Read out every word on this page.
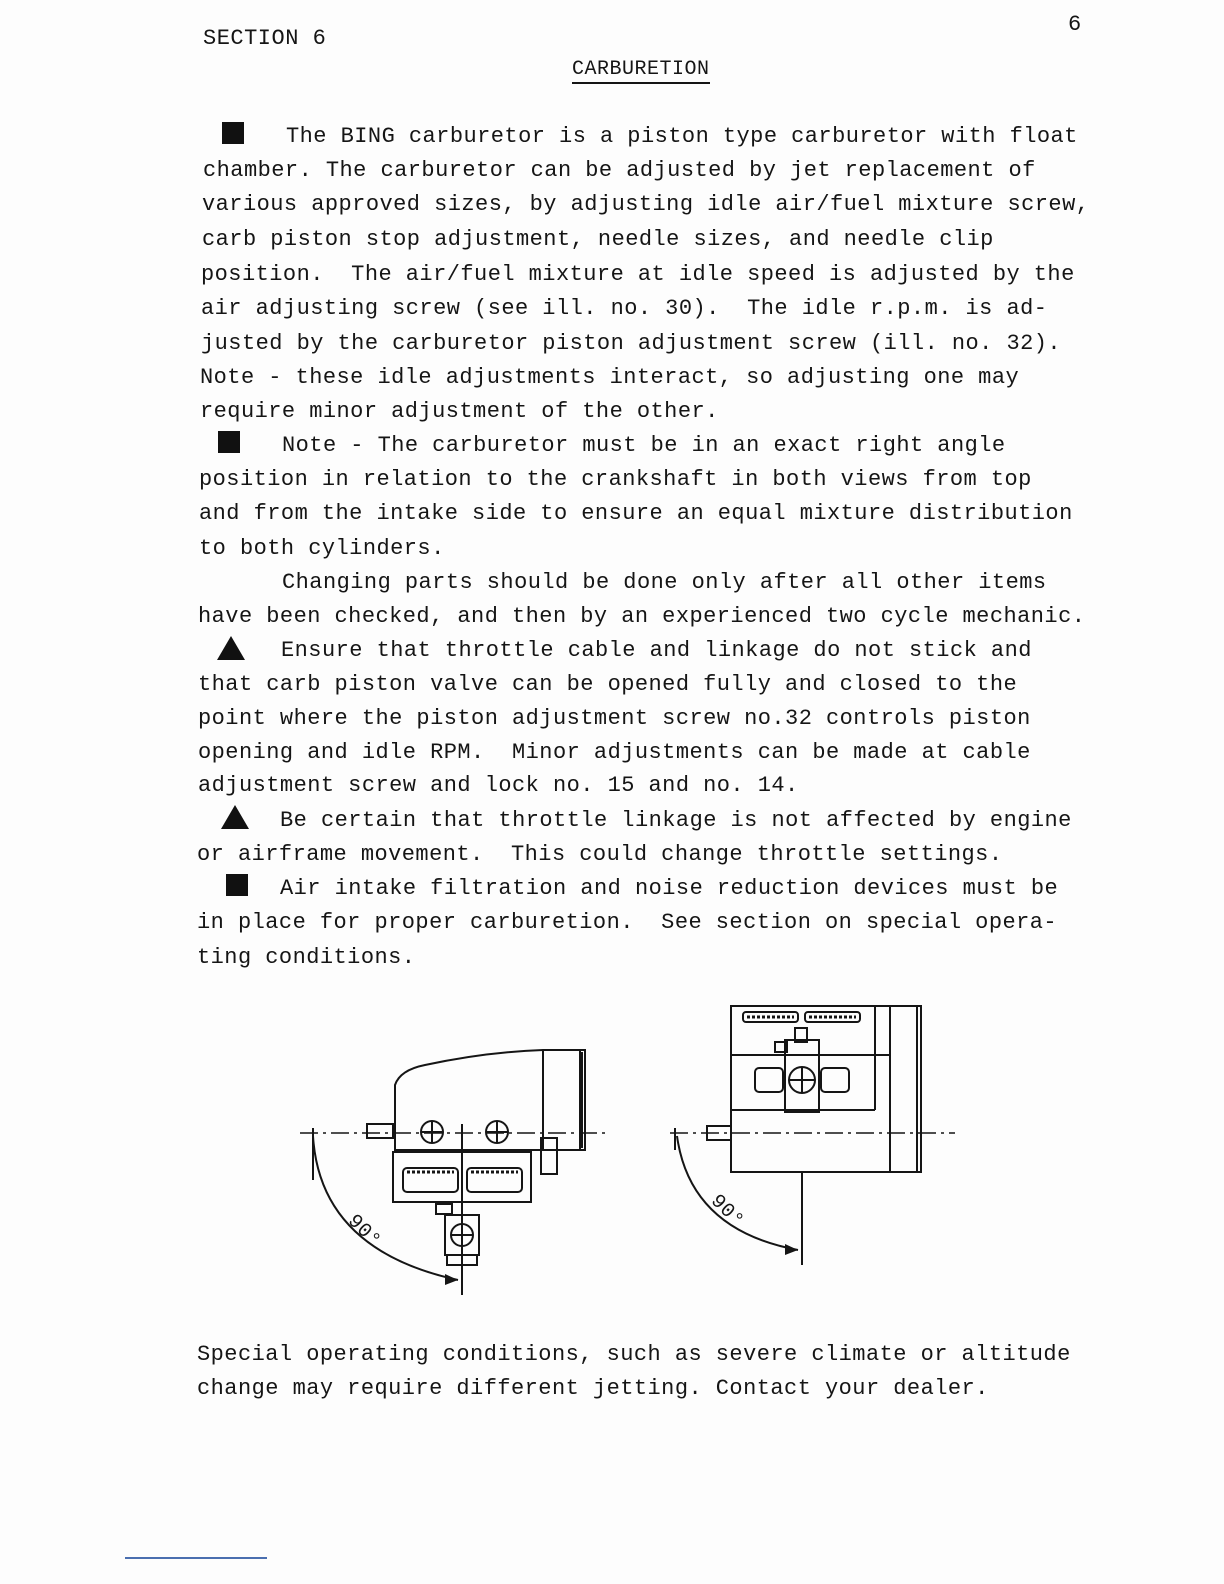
SECTION 6
6
CARBURETION
The BING carburetor is a piston type carburetor with float
chamber. The carburetor can be adjusted by jet replacement of
various approved sizes, by adjusting idle air/fuel mixture screw,
carb piston stop adjustment, needle sizes, and needle clip
position.  The air/fuel mixture at idle speed is adjusted by the
air adjusting screw (see ill. no. 30).  The idle r.p.m. is ad-
justed by the carburetor piston adjustment screw (ill. no. 32).
Note - these idle adjustments interact, so adjusting one may
require minor adjustment of the other.
Note - The carburetor must be in an exact right angle
position in relation to the crankshaft in both views from top
and from the intake side to ensure an equal mixture distribution
to both cylinders.
Changing parts should be done only after all other items
have been checked, and then by an experienced two cycle mechanic.
Ensure that throttle cable and linkage do not stick and
that carb piston valve can be opened fully and closed to the
point where the piston adjustment screw no.32 controls piston
opening and idle RPM.  Minor adjustments can be made at cable
adjustment screw and lock no. 15 and no. 14.
Be certain that throttle linkage is not affected by engine
or airframe movement.  This could change throttle settings.
Air intake filtration and noise reduction devices must be
in place for proper carburetion.  See section on special opera-
ting conditions.
90°	90°
Special operating conditions, such as severe climate or altitude
change may require different jetting. Contact your dealer.
